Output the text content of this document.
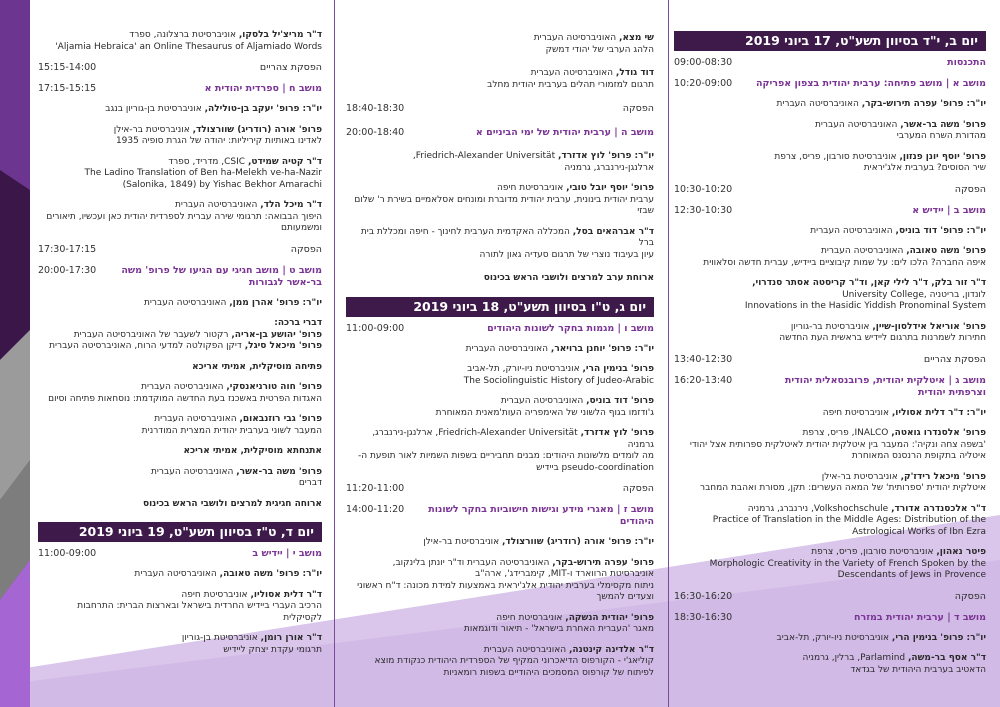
יום ב, י"ד בסיוון תשע"ט, 17 ביוני 2019
התכנסות
09:00-08:30
מושב א | מושב פתיחה: ערבית יהודית בצפון אפריקה
10:20-09:00

יו"ר: פרופ' עפרה תירוש-בקר, האוניברסיטה העברית

פרופ' משה בר-אשר, האוניברסיטה העברית
מהדורת השרח המערבי

פרופ' יוסף יונן פנזון, אוניברסיטת סורבון, פריס, צרפת
שיר הסוסים? בערבית אלג'יראית

הפסקה
10:30-10:20
מושב ב | יידיש א
12:30-10:30

יו"ר: פרופ' דוד בוניס, האוניברסיטה העברית

פרופ' משה טאובה, האוניברסיטה העברית
איפה החברה? הלכו לים: על שמות קיבוציים ביידיש, עברית חדשה וסלאווית

ד"ר זור בלק, ד"ר לילי קאן, וד"ר קריסטה אסתר סנדרוי,

University College, לונדון, בריטניה
Innovations in the Hasidic Yiddish Pronominal System

פרופ' אוריאל אידלסון-שיין, אוניברסיטת בר-גוריון
חתירות לשמרנות בתרגום ליידיש בראשית העת החדשה

הפסקת צהריים
13:40-12:30
מושב ג | איטלקית יהודית, פרובנסאלית יהודית וצרפתית יהודית
16:20-13:40

יו"ר: ד"ר דלית אסוליו, אוניברסיטת חיפה

פרופ' אלסנדרו גואטה, INALCO, פריס, צרפת
'בשפה צחה ונקיה': המעבר בין איטלקית יהודית לאיטלקית ספרותית אצל יהודי איטליה בתקופת הרנסנס המאוחרת

פרופ' מיכאל רידז'ק, אוניברסיטת בר-אילן
איטלקית יהודית 'ספרותית' של המאה העשרים: תקן, מסורת ואהבת המחבר

ד"ר אלכסנדרה אדורד, Volkshochschule, נירנברג, גרמניה

Practice of Translation in the Middle Ages: Distribution of the
Astrological Works of Ibn Ezra

פיטר נאהון, אוניברסיטת סורבון, פריס, צרפת

Morphologic Creativity in the Variety of French Spoken by the
Descendants of Jews in Provence

הפסקה
16:30-16:20
מושב ד | ערבית יהודית במזרח
18:30-16:30

יו"ר: פרופ' בנימין הרי, אוניברסיטת ניו-יורק, תל-אביב

ד"ר אסף בר-משה, Parlamind, ברלין, גרמניה
הדאטיב בערבית היהודית של בגדאד

שי מצא, האוניברסיטה העברית
הלהג הערבי של יהודי דמשק

דוד גודל, האוניברסיטה העברית
תרגום למזמורי תהלים בערבית יהודית מחלב

הפסקה
18:40-18:30
מושב ה | ערבית יהודית של ימי הביניים א
20:00-18:40

יו"ר: פרופ' לוץ אדזרד, Friedrich-Alexander Universität,
ארלנגן-נירנברג, גרמניה

פרופ' יוסף יובל טובי, אוניברסיטת חיפה
ערבית יהודית בינונית, ערבית יהודית מדוברת ומונחים אסלאמיים בשירת ר' שלום שבזי

ד"ר אברהאים בסל, המכללה האקדמית הערבית לחינוך - חיפה ומכללת בית ברל
עיון בעיבוד נוצרי של תרגום סעדיה גאון לתורה

ארוחת ערב למרצים ולושבי הראש בכינוס

יום ג, ט"ו בסיוון תשע"ט, 18 ביוני 2019
מושב ו | מגמות בחקר לשונות היהודים
11:00-09:00

יו"ר: פרופ' יוחנן ברויאר, האוניברסיטה העברית

פרופ' בנימין הרי, אוניברסיטת ניו-יורק, תל-אביב

The Sociolinguistic History of Judeo-Arabic

פרופ' דוד בוניס, האוניברסיטה העברית
ג'ודזמו בגוף הלשוני של האימפריה העות'מאנית המאוחרת

פרופ' לוץ אדזרד, Friedrich-Alexander Universität, ארלנגן-נירנברג, גרמניה
מה לומדים מלשונות היהודים: מבנים תחביריים בשפות השמיות לאור תופעת ה-pseudo-coordination ביידיש

הפסקה
11:20-11:00
מושב ז | מאגרי מידע וגישות חישוביות בחקר לשונות היהודים
14:00-11:20

יו"ר: פרופ' אורה (רודריג) שוורצולד, אוניברסיטת בר-אילן

פרופ' עפרה תירוש-בקר, האוניברסיטה העברית וד"ר יונתן בלינקוב,
אוניברסיטת הרווארד ו-MIT, קימברידג', ארה"ב
ניתוח מקסימלי בערבית יהודית אלג'יראית באמצעות למידת מכונה: ד"ח ראשוני וצעדים להמשך

פרופ' יהודית הנשקה, אוניברסיטת חיפה
מאגר 'העברית האחרת בישראל' - תיאור ודוגמאות

ד"ר אלדינה קינטנה, האוניברסיטה העברית
קוליאג'י - הקורפוס הדיאכרוני המקיף של הספרדית היהודית כנקודת מוצא לפיתוח של קורפוס המסמכים היהודיים בשפות רומאניות

ד"ר מריצ'יל בלסקו, אוניברסיטת ברצלונה, ספרד

'Aljamia Hebraica' an Online Thesaurus of Aljamiado Words

הפסקת צהריים
15:15-14:00
מושב ח | ספרדית יהודית א
17:15-15:15

יו"ר: פרופ' יעקב בן-טולילה, אוניברסיטת בן-גוריון בנגב

פרופ' אורה (רודריג) שוורצולד, אוניברסיטת בר-אילן
לאדינו באותיות קיריליות: יהודה של הגרת סופיה 1935

ד"ר קטיה שמידט, CSIC, מדריד, ספרד

The Ladino Translation of Ben ha-Melekh ve-ha-Nazir
(Salonika, 1849) by Yishac Bekhor Amarachi

ד"ר מיכל הלד, האוניברסיטה העברית
היפוך הבבואה: תרגומי שירה עברית לספרדית יהודית כאן ועכשיו, תיאורים ומשמעותם

הפסקה
17:30-17:15
מושב ט | מושב חגיגי עם הגיעו של פרופ' משה בר-אשר לגבורות
20:00-17:30

יו"ר: פרופ' אהרן ממן, האוניברסיטה העברית

דברי ברכה:

פרופ' יהושע בן-אריה, רקטור לשעבר של האוניברסיטה העברית

פרופ' מיכאל סיגל, דיקן הפקולטה למדעי הרוח, האוניברסיטה העברית

פתיחה מוסיקלית, אמיתי אריכא

פרופ' חוה טורניאנסקי, האוניברסיטה העברית
האגדות הפרטית באשכנז בעת החדשה המוקדמת: נוסחאות פתיחה וסיום

פרופ' גבי רוזנבאום, האוניברסיטה העברית
המעבר לשוני בערבית יהודית המצרית המודרנית

אתנחתא מוסיקלית, אמיתי אריכא

פרופ' משה בר-אשר, האוניברסיטה העברית
דברים

ארוחה חגיגית למרצים ולושבי הראש בכינוס

יום ד, ט"ז בסיוון תשע"ט, 19 ביוני 2019
מושב י | יידיש ב
11:00-09:00

יו"ר: פרופ' משה טאובה, האוניברסיטה העברית

ד"ר דלית אסוליו, אוניברסיטת חיפה
הרכיב העברי ביידיש החרדית בישראל ובארצות הברית: התרחבות לקסיקלית

ד"ר אורן רומן, אוניברסיטת בן-גוריון
תרגומי עקדת יצחק ליידיש
